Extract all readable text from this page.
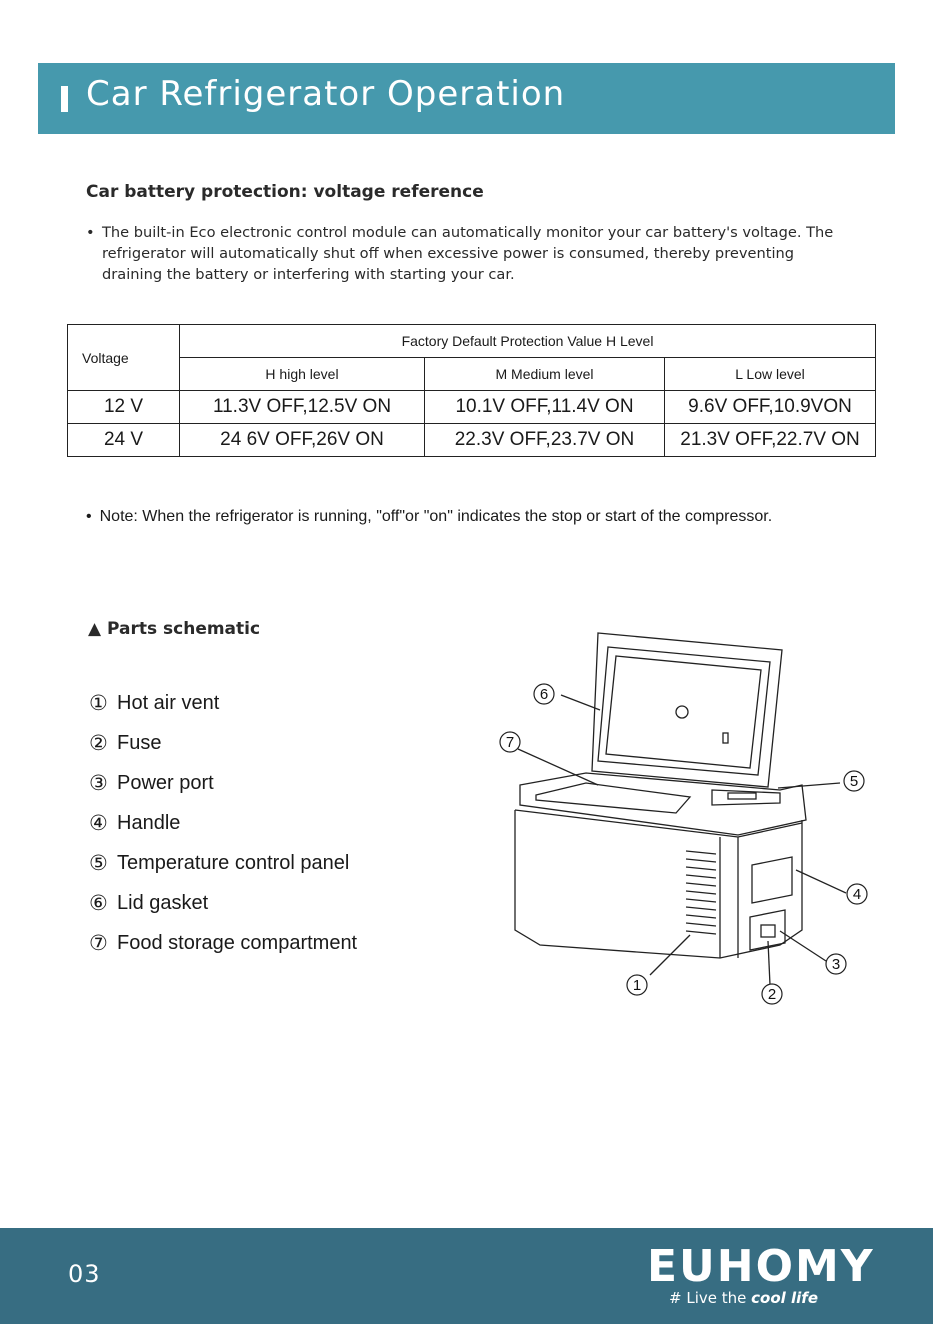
Car Refrigerator Operation
Car battery protection: voltage reference
• The built-in Eco electronic control module can automatically monitor your car battery's voltage. The refrigerator will automatically shut off when excessive power is consumed, thereby preventing draining the battery or interfering with starting your car.
Voltage	Factory Default Protection Value H Level		
	H high level	M Medium level	L Low level
12 V	11.3V OFF,12.5V ON	10.1V OFF,11.4V ON	9.6V OFF,10.9VON
24 V	24 6V OFF,26V ON	22.3V OFF,23.7V ON	21.3V OFF,22.7V ON
• Note: When the refrigerator is running, "off"or "on" indicates the stop or start of the compressor.
▲ Parts schematic
① Hot air vent
② Fuse
③ Power port
④ Handle
⑤ Temperature control panel
⑥ Lid gasket
⑦ Food storage compartment
6
7
5
4
3
1
2
03	EUHOMY
# Live the cool life
